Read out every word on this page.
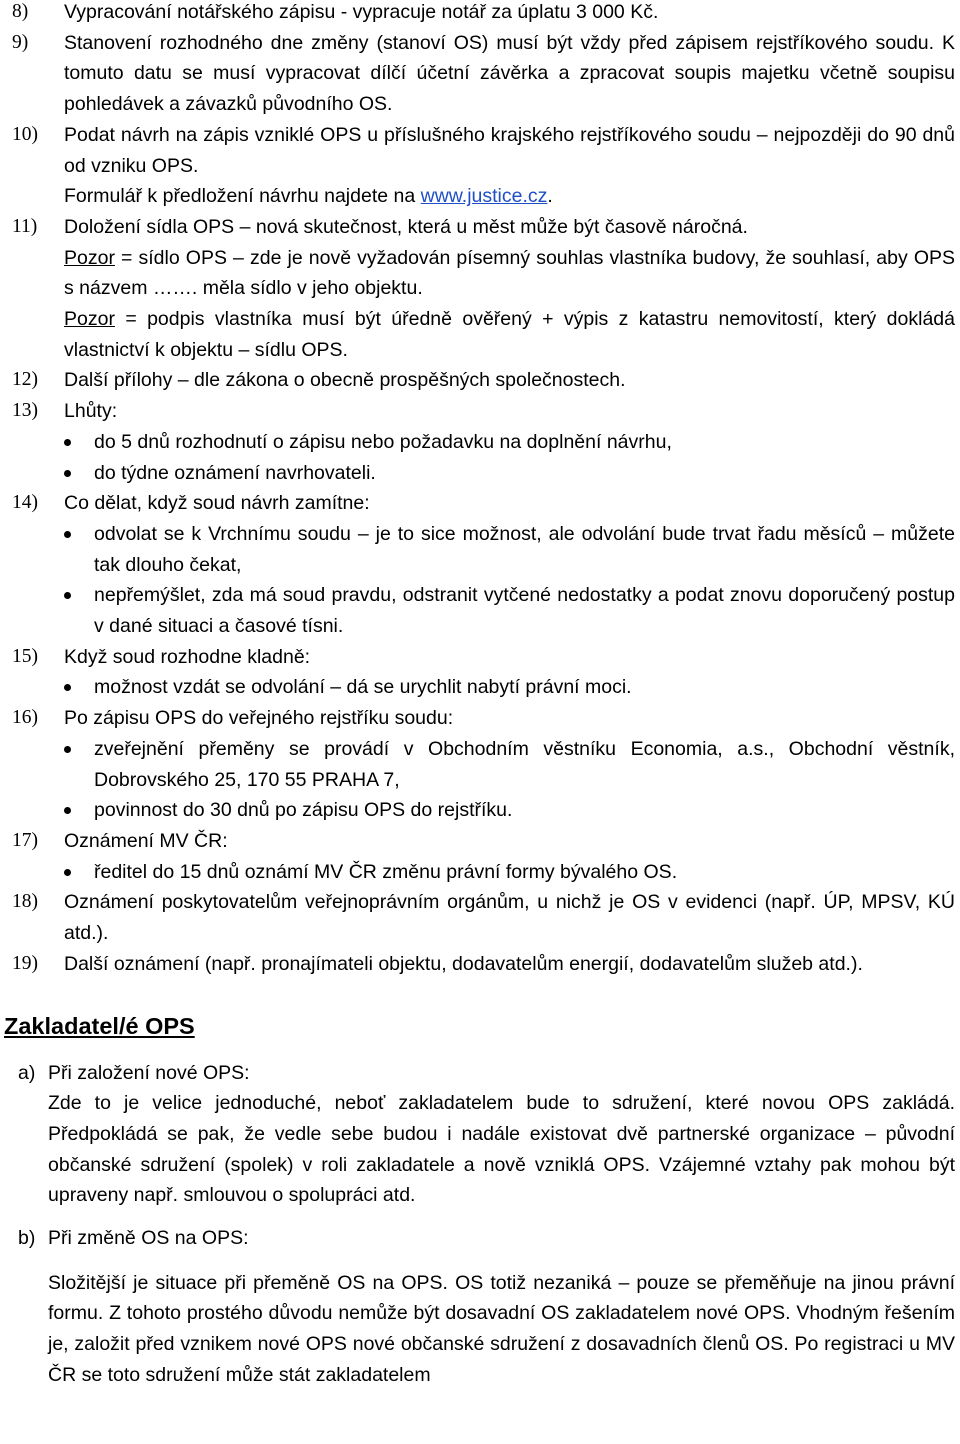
8)	Vypracování notářského zápisu - vypracuje notář za úplatu 3 000 Kč.
9)	Stanovení rozhodného dne změny (stanoví OS) musí být vždy před zápisem rejstříkového soudu. K tomuto datu se musí vypracovat dílčí účetní závěrka a zpracovat soupis majetku včetně soupisu pohledávek a závazků původního OS.
10)	Podat návrh na zápis vzniklé OPS u příslušného krajského rejstříkového soudu – nejpozději do 90 dnů od vzniku OPS.
Formulář k předložení návrhu najdete na www.justice.cz.
11)	Doložení sídla OPS – nová skutečnost, která u měst může být časově náročná.
Pozor = sídlo OPS – zde je nově vyžadován písemný souhlas vlastníka budovy, že souhlasí, aby OPS s názvem ……. měla sídlo v jeho objektu.
Pozor = podpis vlastníka musí být úředně ověřený + výpis z katastru nemovitostí, který dokládá vlastnictví k objektu – sídlu OPS.
12)	Další přílohy – dle zákona o obecně prospěšných společnostech.
13)	Lhůty:
do 5 dnů rozhodnutí o zápisu nebo požadavku na doplnění návrhu,
do týdne oznámení navrhovateli.
14)	Co dělat, když soud návrh zamítne:
odvolat se k Vrchnímu soudu – je to sice možnost, ale odvolání bude trvat řadu měsíců – můžete tak dlouho čekat,
nepřemýšlet, zda má soud pravdu, odstranit vytčené nedostatky a podat znovu doporučený postup v dané situaci a časové tísni.
15)	Když soud rozhodne kladně:
možnost vzdát se odvolání – dá se urychlit nabytí právní moci.
16)	Po zápisu OPS do veřejného rejstříku soudu:
zveřejnění přeměny se provádí v Obchodním věstníku Economia, a.s., Obchodní věstník, Dobrovského 25, 170 55 PRAHA 7,
povinnost do 30 dnů po zápisu OPS do rejstříku.
17)	Oznámení MV ČR:
ředitel do 15 dnů oznámí MV ČR změnu právní formy bývalého OS.
18)	Oznámení poskytovatelům veřejnoprávním orgánům, u nichž je OS v evidenci (např. ÚP, MPSV, KÚ atd.).
19)	Další oznámení (např. pronajímateli objektu, dodavatelům energií, dodavatelům služeb atd.).
Zakladatel/é OPS
a) Při založení nové OPS:
Zde to je velice jednoduché, neboť zakladatelem bude to sdružení, které novou OPS zakládá. Předpokládá se pak, že vedle sebe budou i nadále existovat dvě partnerské organizace – původní občanské sdružení (spolek) v roli zakladatele a nově vzniklá OPS. Vzájemné vztahy pak mohou být upraveny např. smlouvou o spolupráci atd.
b) Při změně OS na OPS:
Složitější je situace při přeměně OS na OPS. OS totiž nezaniká – pouze se přeměňuje na jinou právní formu. Z tohoto prostého důvodu nemůže být dosavadní OS zakladatelem nové OPS. Vhodným řešením je, založit před vznikem nové OPS nové občanské sdružení z dosavadních členů OS. Po registraci u MV ČR se toto sdružení může stát zakladatelem
